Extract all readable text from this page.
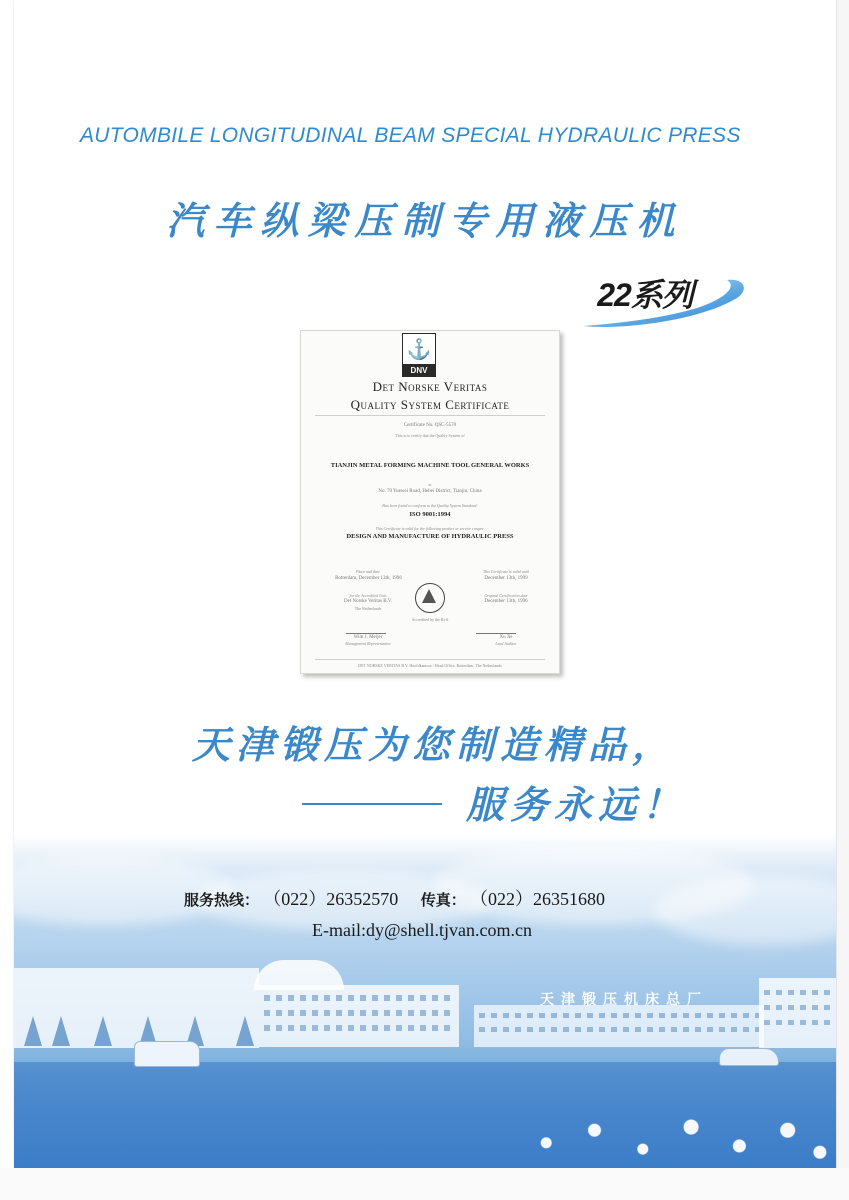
AUTOMBILE LONGITUDINAL BEAM SPECIAL HYDRAULIC PRESS
汽车纵梁压制专用液压机
22系列
⚓
DNV
Det Norske Veritas
Quality System Certificate
Certificate No. QSC-5570
This is to certify that the Quality System of
TIANJIN METAL FORMING MACHINE TOOL GENERAL WORKS
at
No. 70 Yuewei Road, Hebei District, Tianjin, China
Has been found to conform to the Quality System Standard:
ISO 9001:1994
This Certificate is valid for the following product or service ranges:
DESIGN AND MANUFACTURE OF HYDRAULIC PRESS
Place and date
Rotterdam, December 13th, 1996
This Certificate is valid until
December 13th, 1999
for the Accredited Unit
Det Norske Veritas B.V.
The Netherlands
Original Certification date
December 13th, 1996
Accredited by the RvA
Wim J. Meijer
Management Representative
Xu Jie
Lead Auditor
DET NORSKE VERITAS B.V. Hoofdkantoor / Head Office, Rotterdam, The Netherlands
天津锻压为您制造精品，
服务永远！
服务热线： （022）26352570 传真： （022）26351680
E-mail:dy@shell.tjvan.com.cn
天津锻压机床总厂
